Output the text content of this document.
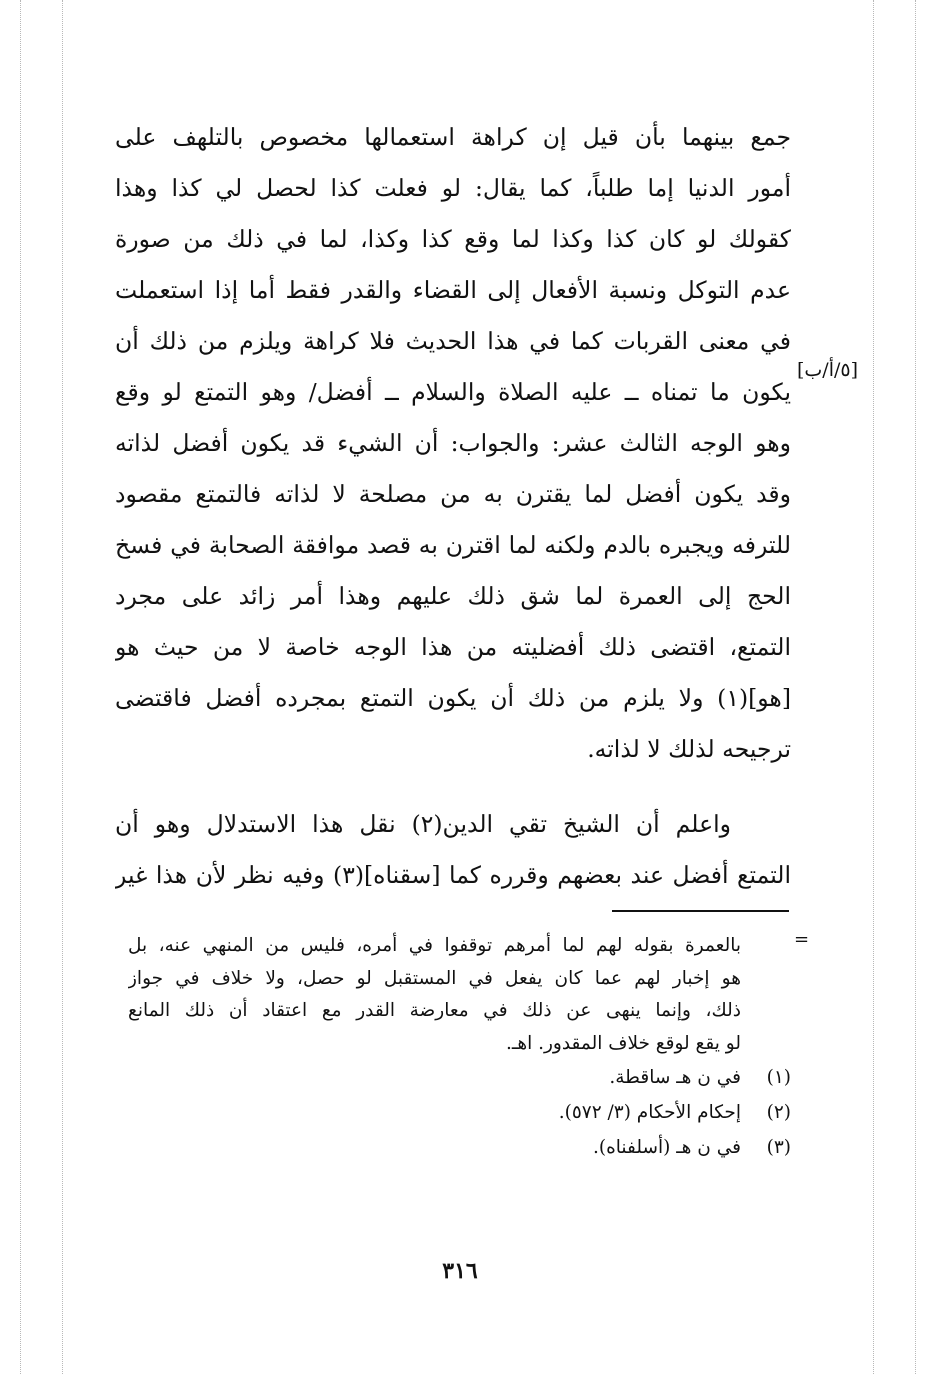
[٥/أ/ب]
جمع بينهما بأن قيل إن كراهة استعمالها مخصوص بالتلهف على
أمور الدنيا إما طلباً، كما يقال: لو فعلت كذا لحصل لي كذا وهذا
كقولك لو كان كذا وكذا لما وقع كذا وكذا، لما في ذلك من صورة
عدم التوكل ونسبة الأفعال إلى القضاء والقدر فقط أما إذا استعملت
في معنى القربات كما في هذا الحديث فلا كراهة ويلزم من ذلك أن
يكون ما تمناه ــ عليه الصلاة والسلام ــ أفضل/ وهو التمتع لو وقع
وهو الوجه الثالث عشر: والجواب: أن الشيء قد يكون أفضل لذاته
وقد يكون أفضل لما يقترن به من مصلحة لا لذاته فالتمتع مقصود
للترفه ويجبره بالدم ولكنه لما اقترن به قصد موافقة الصحابة في فسخ
الحج إلى العمرة لما شق ذلك عليهم وهذا أمر زائد على مجرد
التمتع، اقتضى ذلك أفضليته من هذا الوجه خاصة لا من حيث هو
[هو](١) ولا يلزم من ذلك أن يكون التمتع بمجرده أفضل فاقتضى
ترجيحه لذلك لا لذاته.
واعلم أن الشيخ تقي الدين(٢) نقل هذا الاستدلال وهو أن
التمتع أفضل عند بعضهم وقرره كما [سقناه](٣) وفيه نظر لأن هذا غير
=
بالعمرة بقوله لهم لما أمرهم توقفوا في أمره، فليس من المنهي عنه، بل
هو إخبار لهم عما كان يفعل في المستقبل لو حصل، ولا خلاف في جواز
ذلك، وإنما ينهى عن ذلك في معارضة القدر مع اعتقاد أن ذلك المانع
لو يقع لوقع خلاف المقدور. اهـ.
(١)
في ن هـ ساقطة.
(٢)
إحكام الأحكام (٣/ ٥٧٢).
(٣)
في ن هـ (أسلفناه).
٣١٦
